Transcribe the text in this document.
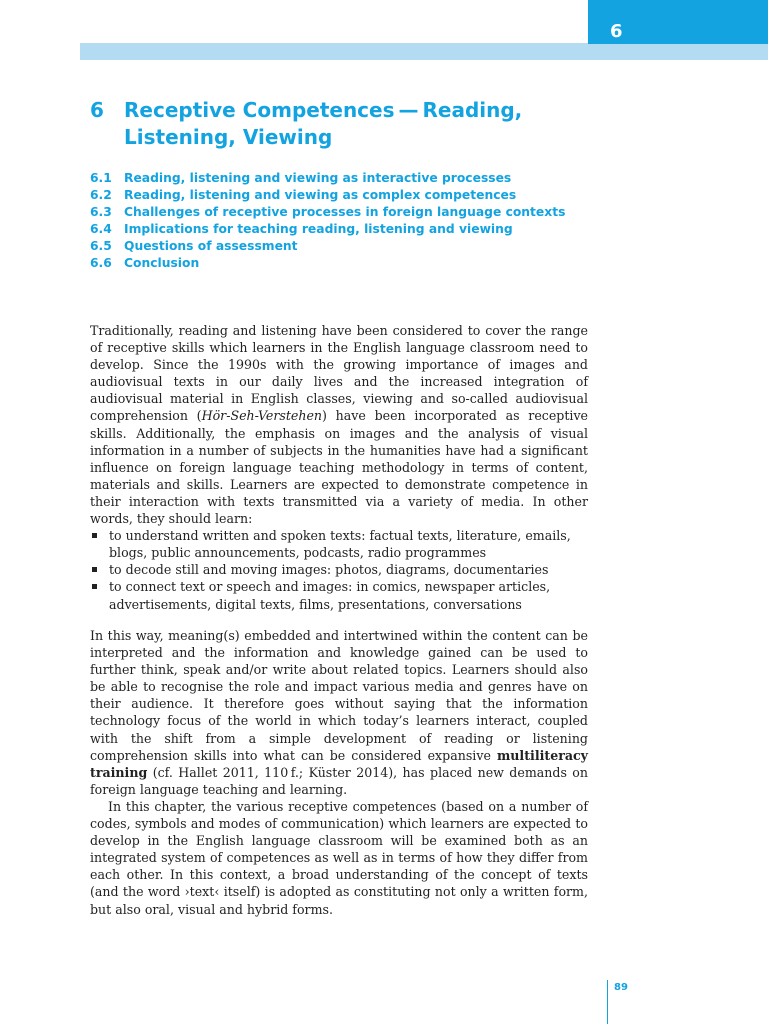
6
6 Receptive Competences — Reading, Listening, Viewing
6.1 Reading, listening and viewing as interactive processes
6.2 Reading, listening and viewing as complex competences
6.3 Challenges of receptive processes in foreign language contexts
6.4 Implications for teaching reading, listening and viewing
6.5 Questions of assessment
6.6 Conclusion

Traditionally, reading and listening have been considered to cover the range of receptive skills which learners in the English language classroom need to develop. Since the 1990s with the growing importance of images and audiovisual texts in our daily lives and the increased integration of audiovisual material in English classes, viewing and so-called audiovisual comprehension (Hör-Seh-Verstehen) have been incorporated as receptive skills. Additionally, the emphasis on images and the analysis of visual information in a number of subjects in the humanities have had a significant influence on foreign language teaching methodology in terms of content, materials and skills. Learners are expected to demonstrate competence in their interaction with texts transmitted via a variety of media. In other words, they should learn:

to understand written and spoken texts: factual texts, literature, emails, blogs, public announcements, podcasts, radio programmes
to decode still and moving images: photos, diagrams, documentaries
to connect text or speech and images: in comics, newspaper articles, advertisements, digital texts, films, presentations, conversations

In this way, meaning(s) embedded and intertwined within the content can be interpreted and the information and knowledge gained can be used to further think, speak and/or write about related topics. Learners should also be able to recognise the role and impact various media and genres have on their audience. It therefore goes without saying that the information technology focus of the world in which today’s learners interact, coupled with the shift from a simple development of reading or listening comprehension skills into what can be considered expansive multiliteracy training (cf. Hallet 2011, 110 f.; Küster 2014), has placed new demands on foreign language teaching and learning.

In this chapter, the various receptive competences (based on a number of codes, symbols and modes of communication) which learners are expected to develop in the English language classroom will be examined both as an integrated system of competences as well as in terms of how they differ from each other. In this context, a broad understanding of the concept of texts (and the word ›text‹ itself) is adopted as constituting not only a written form, but also oral, visual and hybrid forms.

89
